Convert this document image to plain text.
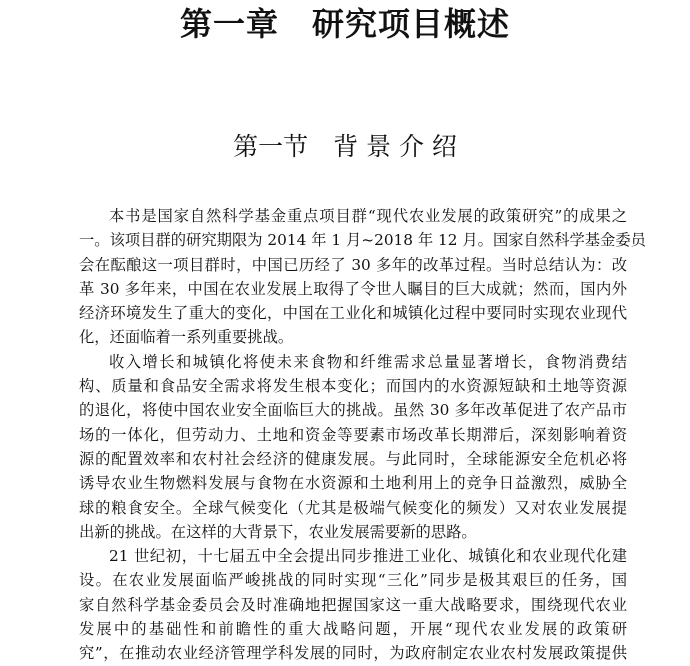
第一章　研究项目概述
第一节　背 景 介 绍
本书是国家自然科学基金重点项目群“现代农业发展的政策研究”的成果之
一。该项目群的研究期限为 2014 年 1 月~2018 年 12 月。国家自然科学基金委员
会在酝酿这一项目群时，中国已历经了 30 多年的改革过程。当时总结认为：改
革 30 多年来，中国在农业发展上取得了令世人瞩目的巨大成就；然而，国内外
经济环境发生了重大的变化，中国在工业化和城镇化过程中要同时实现农业现代
化，还面临着一系列重要挑战。
收入增长和城镇化将使未来食物和纤维需求总量显著增长，食物消费结
构、质量和食品安全需求将发生根本变化；而国内的水资源短缺和土地等资源
的退化，将使中国农业安全面临巨大的挑战。虽然 30 多年改革促进了农产品市
场的一体化，但劳动力、土地和资金等要素市场改革长期滞后，深刻影响着资
源的配置效率和农村社会经济的健康发展。与此同时，全球能源安全危机必将
诱导农业生物燃料发展与食物在水资源和土地利用上的竞争日益激烈，威胁全
球的粮食安全。全球气候变化（尤其是极端气候变化的频发）又对农业发展提
出新的挑战。在这样的大背景下，农业发展需要新的思路。
21 世纪初，十七届五中全会提出同步推进工业化、城镇化和农业现代化建
设。在农业发展面临严峻挑战的同时实现“三化”同步是极其艰巨的任务，国
家自然科学基金委员会及时准确地把握国家这一重大战略要求，围绕现代农业
发展中的基础性和前瞻性的重大战略问题，开展“现代农业发展的政策研
究”，在推动农业经济管理学科发展的同时，为政府制定农业农村发展政策提供
